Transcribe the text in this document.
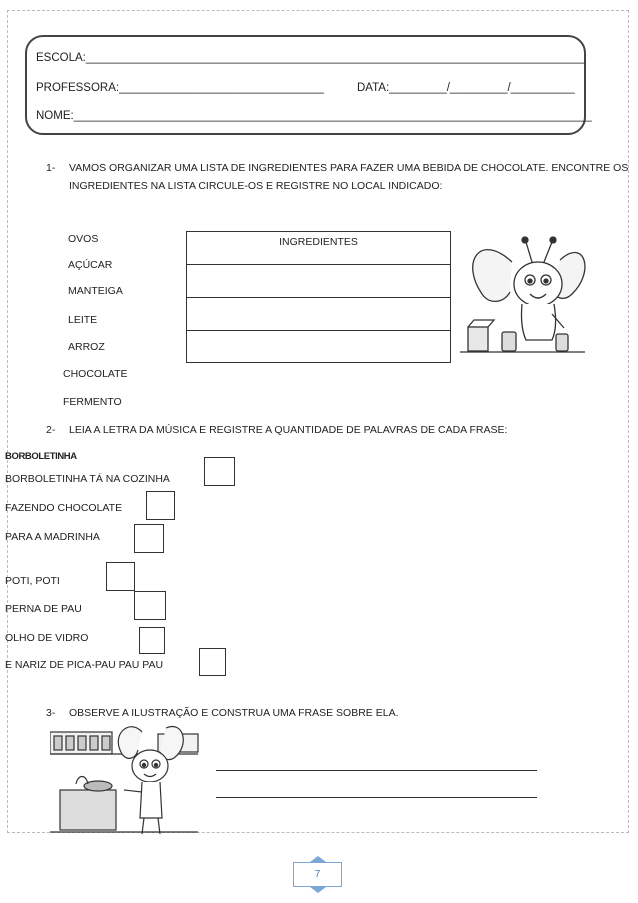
ESCOLA:______________________________________________________________________________
PROFESSORA:________________________________	DATA:_________/_________/__________
NOME:_________________________________________________________________________________
1- VAMOS ORGANIZAR UMA LISTA DE INGREDIENTES PARA FAZER UMA BEBIDA DE CHOCOLATE. ENCONTRE OS
INGREDIENTES NA LISTA CIRCULE-OS E REGISTRE NO LOCAL INDICADO:
OVOS
AÇÚCAR
MANTEIGA
LEITE
ARROZ
CHOCOLATE
FERMENTO
INGREDIENTES
2- LEIA A LETRA DA MÚSICA E REGISTRE A QUANTIDADE DE PALAVRAS DE CADA FRASE:
BORBOLETINHA
BORBOLETINHA TÁ NA COZINHA
FAZENDO CHOCOLATE
PARA A MADRINHA
POTI, POTI
PERNA DE PAU
OLHO DE VIDRO
E NARIZ DE PICA-PAU PAU PAU
3- OBSERVE A ILUSTRAÇÃO E CONSTRUA UMA FRASE SOBRE ELA.
7
